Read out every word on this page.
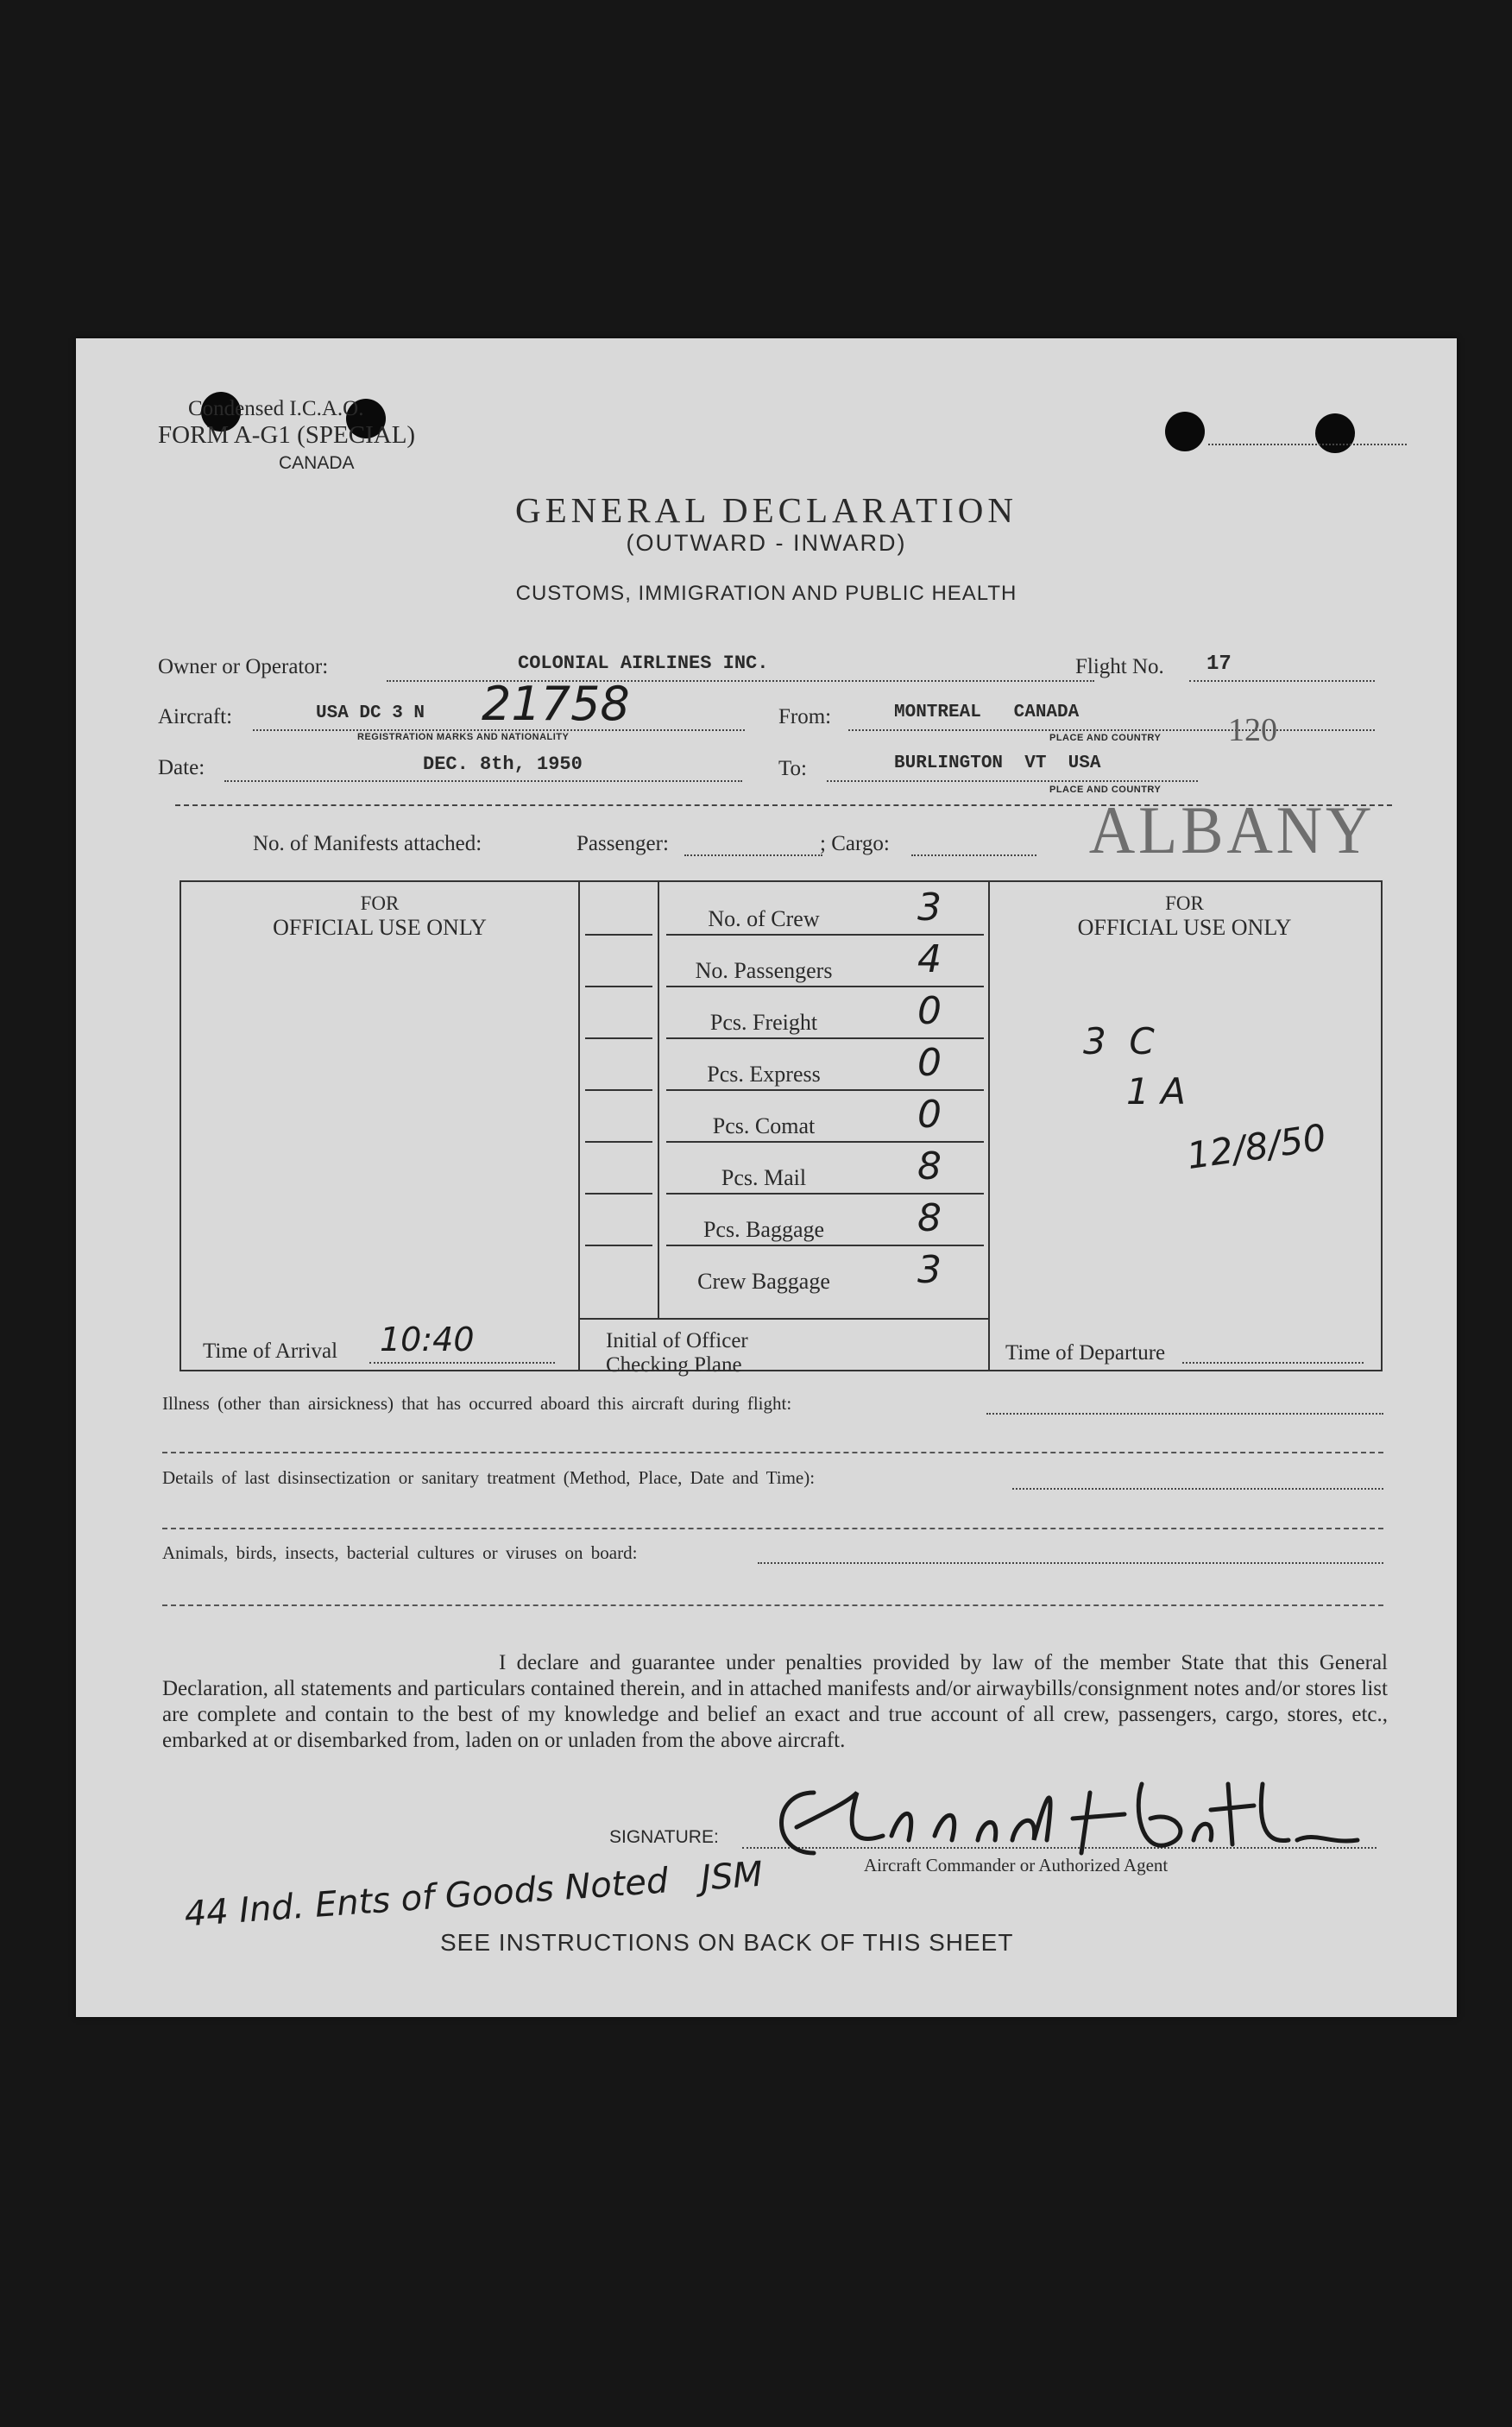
Condensed I.C.A.O.
FORM A-G1 (SPECIAL)
CANADA
GENERAL DECLARATION
(OUTWARD - INWARD)
CUSTOMS, IMMIGRATION AND PUBLIC HEALTH
Owner or Operator:	COLONIAL AIRLINES INC.	Flight No. 17
Aircraft:	USA DC 3 N 21758
REGISTRATION MARKS AND NATIONALITY
From:	MONTREAL   CANADA
PLACE AND COUNTRY 120
Date:	DEC. 8th, 1950	To:	BURLINGTON  VT  USA
PLACE AND COUNTRY
ALBANY
No. of Manifests attached:	Passenger:	; Cargo:
FOR
OFFICIAL USE ONLY
Time of Arrival 10:40
No. of Crew	3
No. Passengers	4
Pcs. Freight	0
Pcs. Express	0
Pcs. Comat	0
Pcs. Mail	8
Pcs. Baggage	8
Crew Baggage	3
Initial of Officer
Checking Plane
FOR
OFFICIAL USE ONLY
3  C
1 A
12/8/50
Time of Departure
Illness (other than airsickness) that has occurred aboard this aircraft during flight:
Details of last disinsectization or sanitary treatment (Method, Place, Date and Time):
Animals, birds, insects, bacterial cultures or viruses on board:
I declare and guarantee under penalties provided by law of the member State that this General Declaration, all statements and particulars contained therein, and in attached manifests and/or airwaybills/consignment notes and/or stores list are complete and contain to the best of my knowledge and belief an exact and true account of all crew, passengers, cargo, stores, etc., embarked at or disembarked from, laden on or unladen from the above aircraft.
SIGNATURE:
Aircraft Commander or Authorized Agent
44 Ind. Ents of Goods Noted   JSM
SEE INSTRUCTIONS ON BACK OF THIS SHEET
